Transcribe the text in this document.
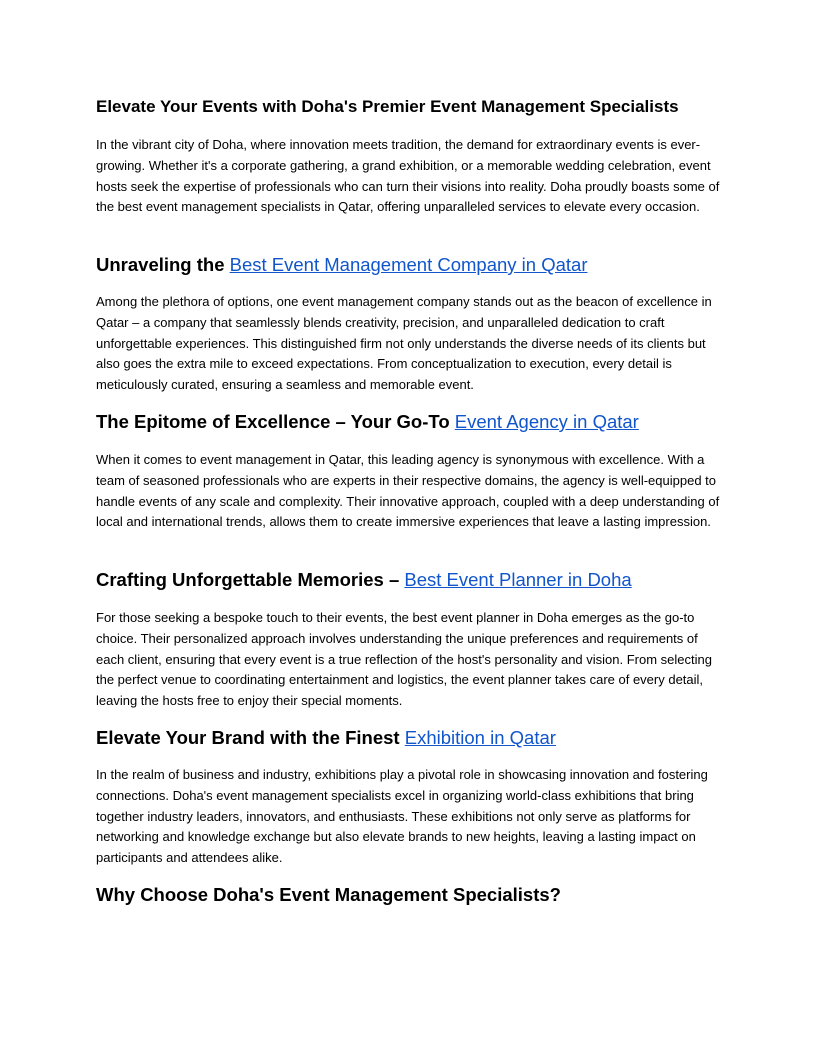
Elevate Your Events with Doha's Premier Event Management Specialists

In the vibrant city of Doha, where innovation meets tradition, the demand for extraordinary events is ever-growing. Whether it's a corporate gathering, a grand exhibition, or a memorable wedding celebration, event hosts seek the expertise of professionals who can turn their visions into reality. Doha proudly boasts some of the best event management specialists in Qatar, offering unparalleled services to elevate every occasion.

Unraveling the Best Event Management Company in Qatar

Among the plethora of options, one event management company stands out as the beacon of excellence in Qatar – a company that seamlessly blends creativity, precision, and unparalleled dedication to craft unforgettable experiences. This distinguished firm not only understands the diverse needs of its clients but also goes the extra mile to exceed expectations. From conceptualization to execution, every detail is meticulously curated, ensuring a seamless and memorable event.

The Epitome of Excellence – Your Go-To Event Agency in Qatar

When it comes to event management in Qatar, this leading agency is synonymous with excellence. With a team of seasoned professionals who are experts in their respective domains, the agency is well-equipped to handle events of any scale and complexity. Their innovative approach, coupled with a deep understanding of local and international trends, allows them to create immersive experiences that leave a lasting impression.

Crafting Unforgettable Memories – Best Event Planner in Doha

For those seeking a bespoke touch to their events, the best event planner in Doha emerges as the go-to choice. Their personalized approach involves understanding the unique preferences and requirements of each client, ensuring that every event is a true reflection of the host's personality and vision. From selecting the perfect venue to coordinating entertainment and logistics, the event planner takes care of every detail, leaving the hosts free to enjoy their special moments.

Elevate Your Brand with the Finest Exhibition in Qatar

In the realm of business and industry, exhibitions play a pivotal role in showcasing innovation and fostering connections. Doha's event management specialists excel in organizing world-class exhibitions that bring together industry leaders, innovators, and enthusiasts. These exhibitions not only serve as platforms for networking and knowledge exchange but also elevate brands to new heights, leaving a lasting impact on participants and attendees alike.

Why Choose Doha's Event Management Specialists?
